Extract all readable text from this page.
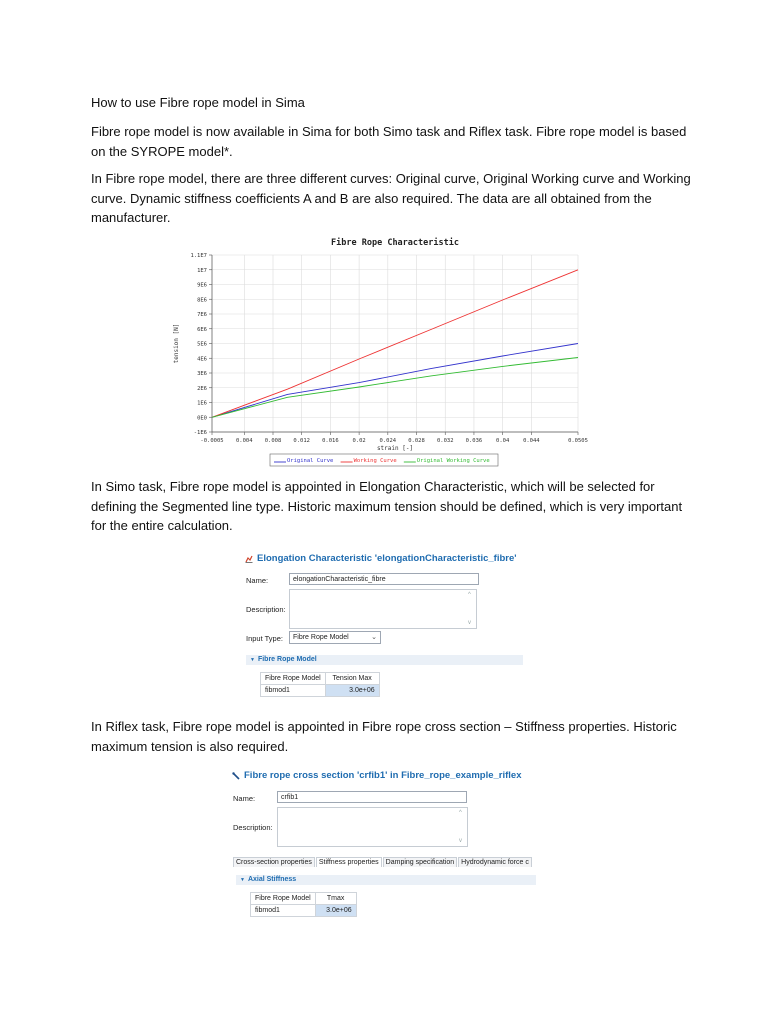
How to use Fibre rope model in Sima

Fibre rope model is now available in Sima for both Simo task and Riflex task. Fibre rope model is based on the SYROPE model*.

In Fibre rope model, there are three different curves: Original curve, Original Working curve and Working curve. Dynamic stiffness coefficients A and B are also required. The data are all obtained from the manufacturer.

In Simo task, Fibre rope model is appointed in Elongation Characteristic, which will be selected for defining the Segmented line type. Historic maximum tension should be defined, which is very important for the entire calculation.

In Riflex task, Fibre rope model is appointed in Fibre rope cross section – Stiffness properties. Historic maximum tension is also required.

Fibre Rope Characteristic
-0.0005 0.004 0.008 0.012 0.016	0.02	0.024 0.028 0.032 0.036	0.04	0.044	0.0505
1.1E7
1E7
9E6
8E6
7E6
6E6
5E6
4E6
3E6
2E6
1E6
0E0
-1E6
strain [-]
tension [N]
Original Curve	Working Curve	Original Working Curve
Elongation Characteristic 'elongationCharacteristic_fibre'
Name:	elongationCharacteristic_fibre
Description:
^
v
Input Type:	Fibre Rope Model	⌄
▼ Fibre Rope Model
Fibre Rope Model	Tension Max
fibmod1	3.0e+06
Fibre rope cross section 'crfib1' in Fibre_rope_example_riflex
Name:	crfib1
Description:
^
v
Cross-section properties	Stiffness properties	Damping specification	Hydrodynamic force c
▼ Axial Stiffness
Fibre Rope Model	Tmax
fibmod1	3.0e+06
